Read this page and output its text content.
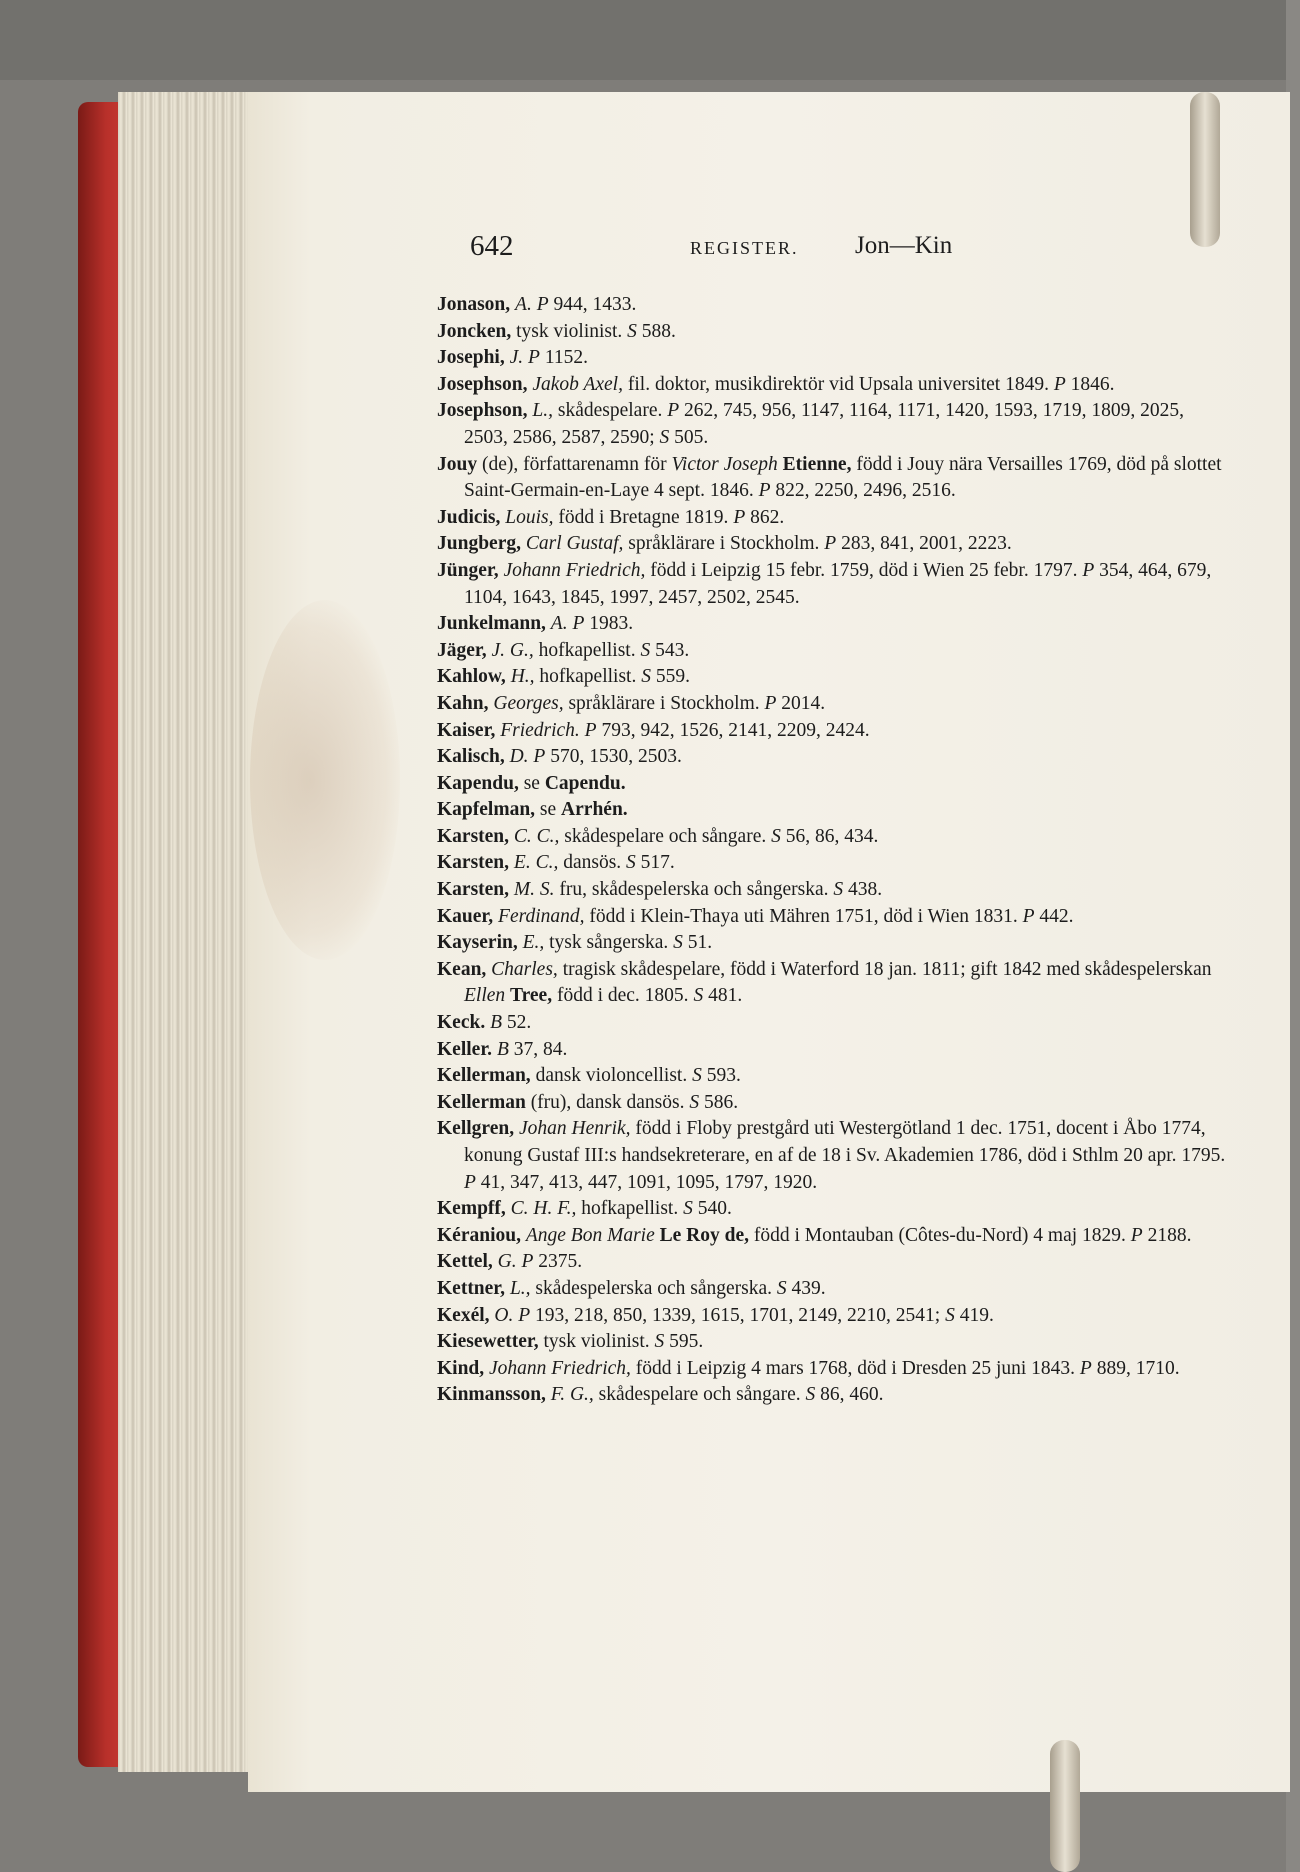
642	REGISTER. Jon—Kin
Jonason, A. P 944, 1433.
Joncken, tysk violinist. S 588.
Josephi, J. P 1152.
Josephson, Jakob Axel, fil. doktor, musikdirektör vid Upsala universitet 1849. P 1846.
Josephson, L., skådespelare. P 262, 745, 956, 1147, 1164, 1171, 1420, 1593, 1719, 1809, 2025, 2503, 2586, 2587, 2590; S 505.
Jouy (de), författarenamn för Victor Joseph Etienne, född i Jouy nära Versailles 1769, död på slottet Saint-Germain-en-Laye 4 sept. 1846. P 822, 2250, 2496, 2516.
Judicis, Louis, född i Bretagne 1819. P 862.
Jungberg, Carl Gustaf, språklärare i Stockholm. P 283, 841, 2001, 2223.
Jünger, Johann Friedrich, född i Leipzig 15 febr. 1759, död i Wien 25 febr. 1797. P 354, 464, 679, 1104, 1643, 1845, 1997, 2457, 2502, 2545.
Junkelmann, A. P 1983.
Jäger, J. G., hofkapellist. S 543.
Kahlow, H., hofkapellist. S 559.
Kahn, Georges, språklärare i Stockholm. P 2014.
Kaiser, Friedrich. P 793, 942, 1526, 2141, 2209, 2424.
Kalisch, D. P 570, 1530, 2503.
Kapendu, se Capendu.
Kapfelman, se Arrhén.
Karsten, C. C., skådespelare och sångare. S 56, 86, 434.
Karsten, E. C., dansös. S 517.
Karsten, M. S. fru, skådespelerska och sångerska. S 438.
Kauer, Ferdinand, född i Klein-Thaya uti Mähren 1751, död i Wien 1831. P 442.
Kayserin, E., tysk sångerska. S 51.
Kean, Charles, tragisk skådespelare, född i Waterford 18 jan. 1811; gift 1842 med skådespelerskan Ellen Tree, född i dec. 1805. S 481.
Keck. B 52.
Keller. B 37, 84.
Kellerman, dansk violoncellist. S 593.
Kellerman (fru), dansk dansös. S 586.
Kellgren, Johan Henrik, född i Floby prestgård uti Westergötland 1 dec. 1751, docent i Åbo 1774, konung Gustaf III:s handsekreterare, en af de 18 i Sv. Akademien 1786, död i Sthlm 20 apr. 1795. P 41, 347, 413, 447, 1091, 1095, 1797, 1920.
Kempff, C. H. F., hofkapellist. S 540.
Kéraniou, Ange Bon Marie Le Roy de, född i Montauban (Côtes-du-Nord) 4 maj 1829. P 2188.
Kettel, G. P 2375.
Kettner, L., skådespelerska och sångerska. S 439.
Kexél, O. P 193, 218, 850, 1339, 1615, 1701, 2149, 2210, 2541; S 419.
Kiesewetter, tysk violinist. S 595.
Kind, Johann Friedrich, född i Leipzig 4 mars 1768, död i Dresden 25 juni 1843. P 889, 1710.
Kinmansson, F. G., skådespelare och sångare. S 86, 460.
